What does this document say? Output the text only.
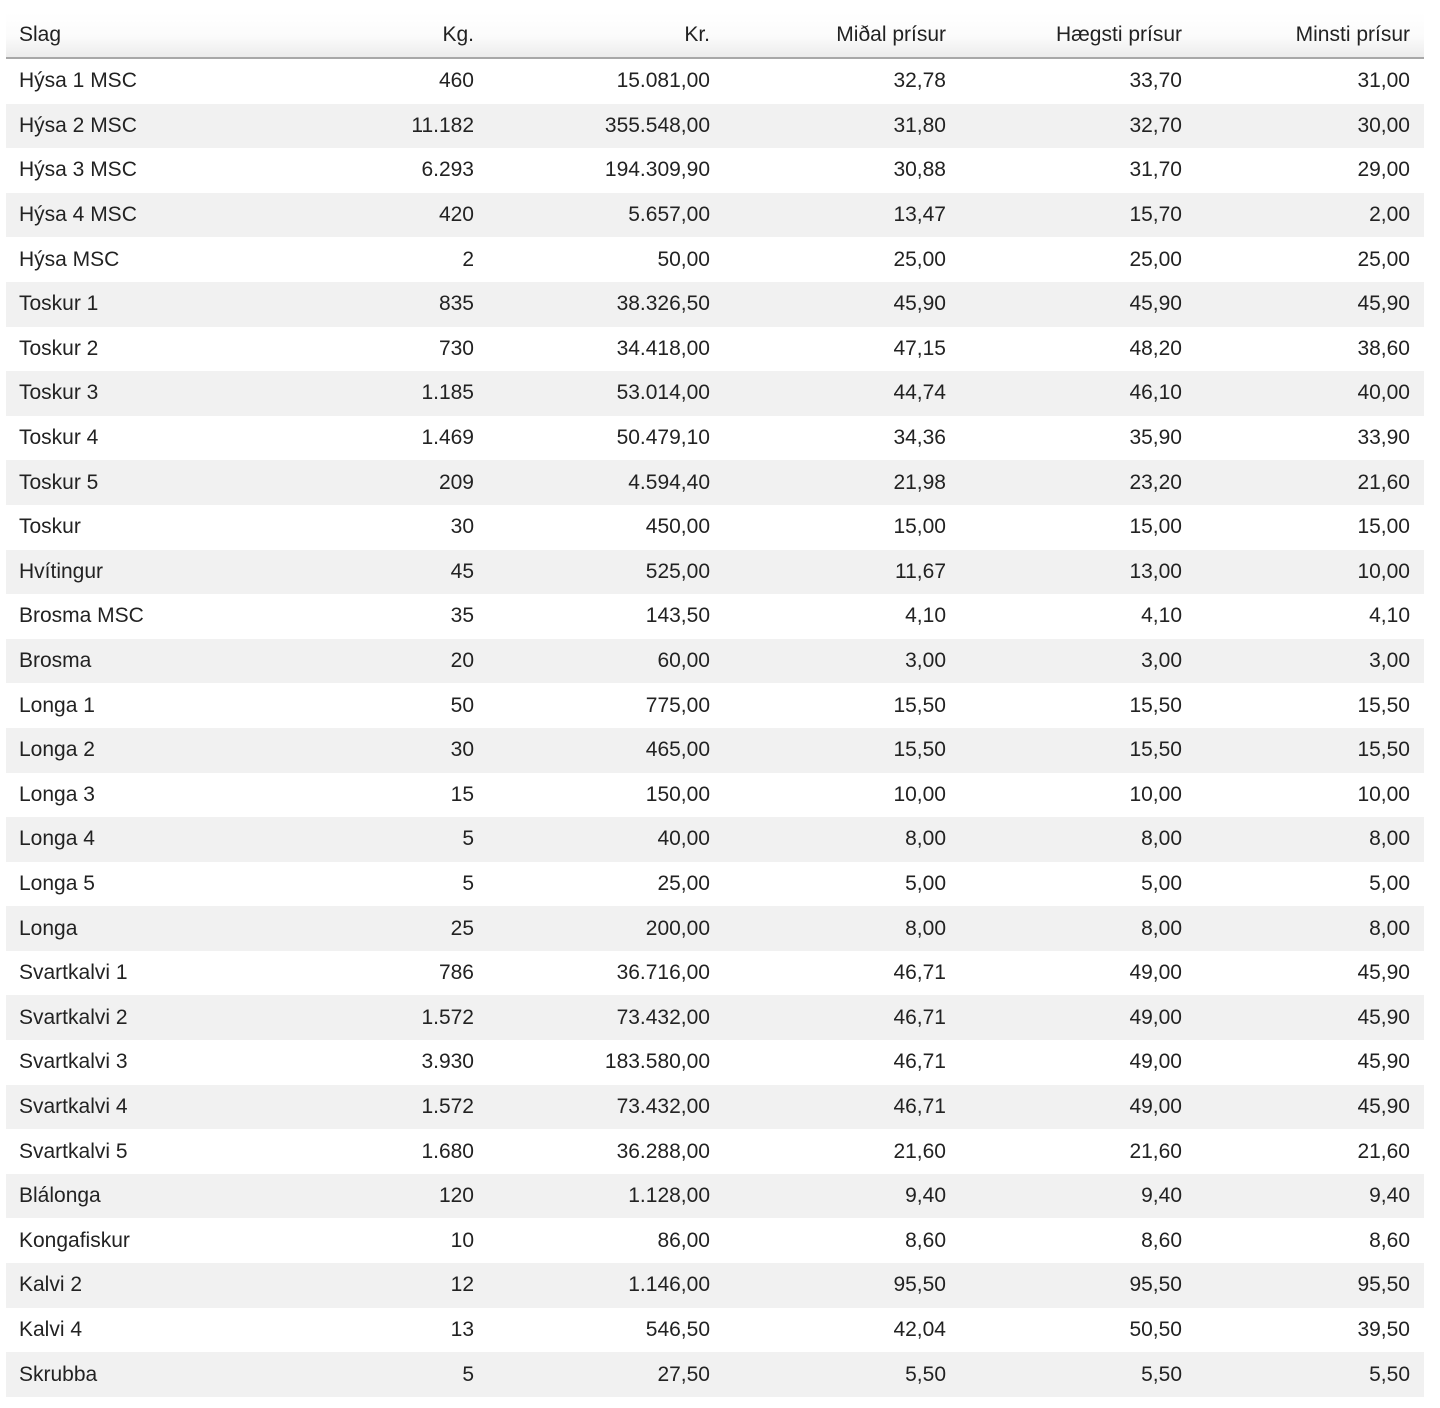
Slag	Kg.	Kr.	Miðal prísur	Hægsti prísur	Minsti prísur
Hýsa 1 MSC	460	15.081,00	32,78	33,70	31,00
Hýsa 2 MSC	11.182	355.548,00	31,80	32,70	30,00
Hýsa 3 MSC	6.293	194.309,90	30,88	31,70	29,00
Hýsa 4 MSC	420	5.657,00	13,47	15,70	2,00
Hýsa MSC	2	50,00	25,00	25,00	25,00
Toskur 1	835	38.326,50	45,90	45,90	45,90
Toskur 2	730	34.418,00	47,15	48,20	38,60
Toskur 3	1.185	53.014,00	44,74	46,10	40,00
Toskur 4	1.469	50.479,10	34,36	35,90	33,90
Toskur 5	209	4.594,40	21,98	23,20	21,60
Toskur	30	450,00	15,00	15,00	15,00
Hvítingur	45	525,00	11,67	13,00	10,00
Brosma MSC	35	143,50	4,10	4,10	4,10
Brosma	20	60,00	3,00	3,00	3,00
Longa 1	50	775,00	15,50	15,50	15,50
Longa 2	30	465,00	15,50	15,50	15,50
Longa 3	15	150,00	10,00	10,00	10,00
Longa 4	5	40,00	8,00	8,00	8,00
Longa 5	5	25,00	5,00	5,00	5,00
Longa	25	200,00	8,00	8,00	8,00
Svartkalvi 1	786	36.716,00	46,71	49,00	45,90
Svartkalvi 2	1.572	73.432,00	46,71	49,00	45,90
Svartkalvi 3	3.930	183.580,00	46,71	49,00	45,90
Svartkalvi 4	1.572	73.432,00	46,71	49,00	45,90
Svartkalvi 5	1.680	36.288,00	21,60	21,60	21,60
Blálonga	120	1.128,00	9,40	9,40	9,40
Kongafiskur	10	86,00	8,60	8,60	8,60
Kalvi 2	12	1.146,00	95,50	95,50	95,50
Kalvi 4	13	546,50	42,04	50,50	39,50
Skrubba	5	27,50	5,50	5,50	5,50
